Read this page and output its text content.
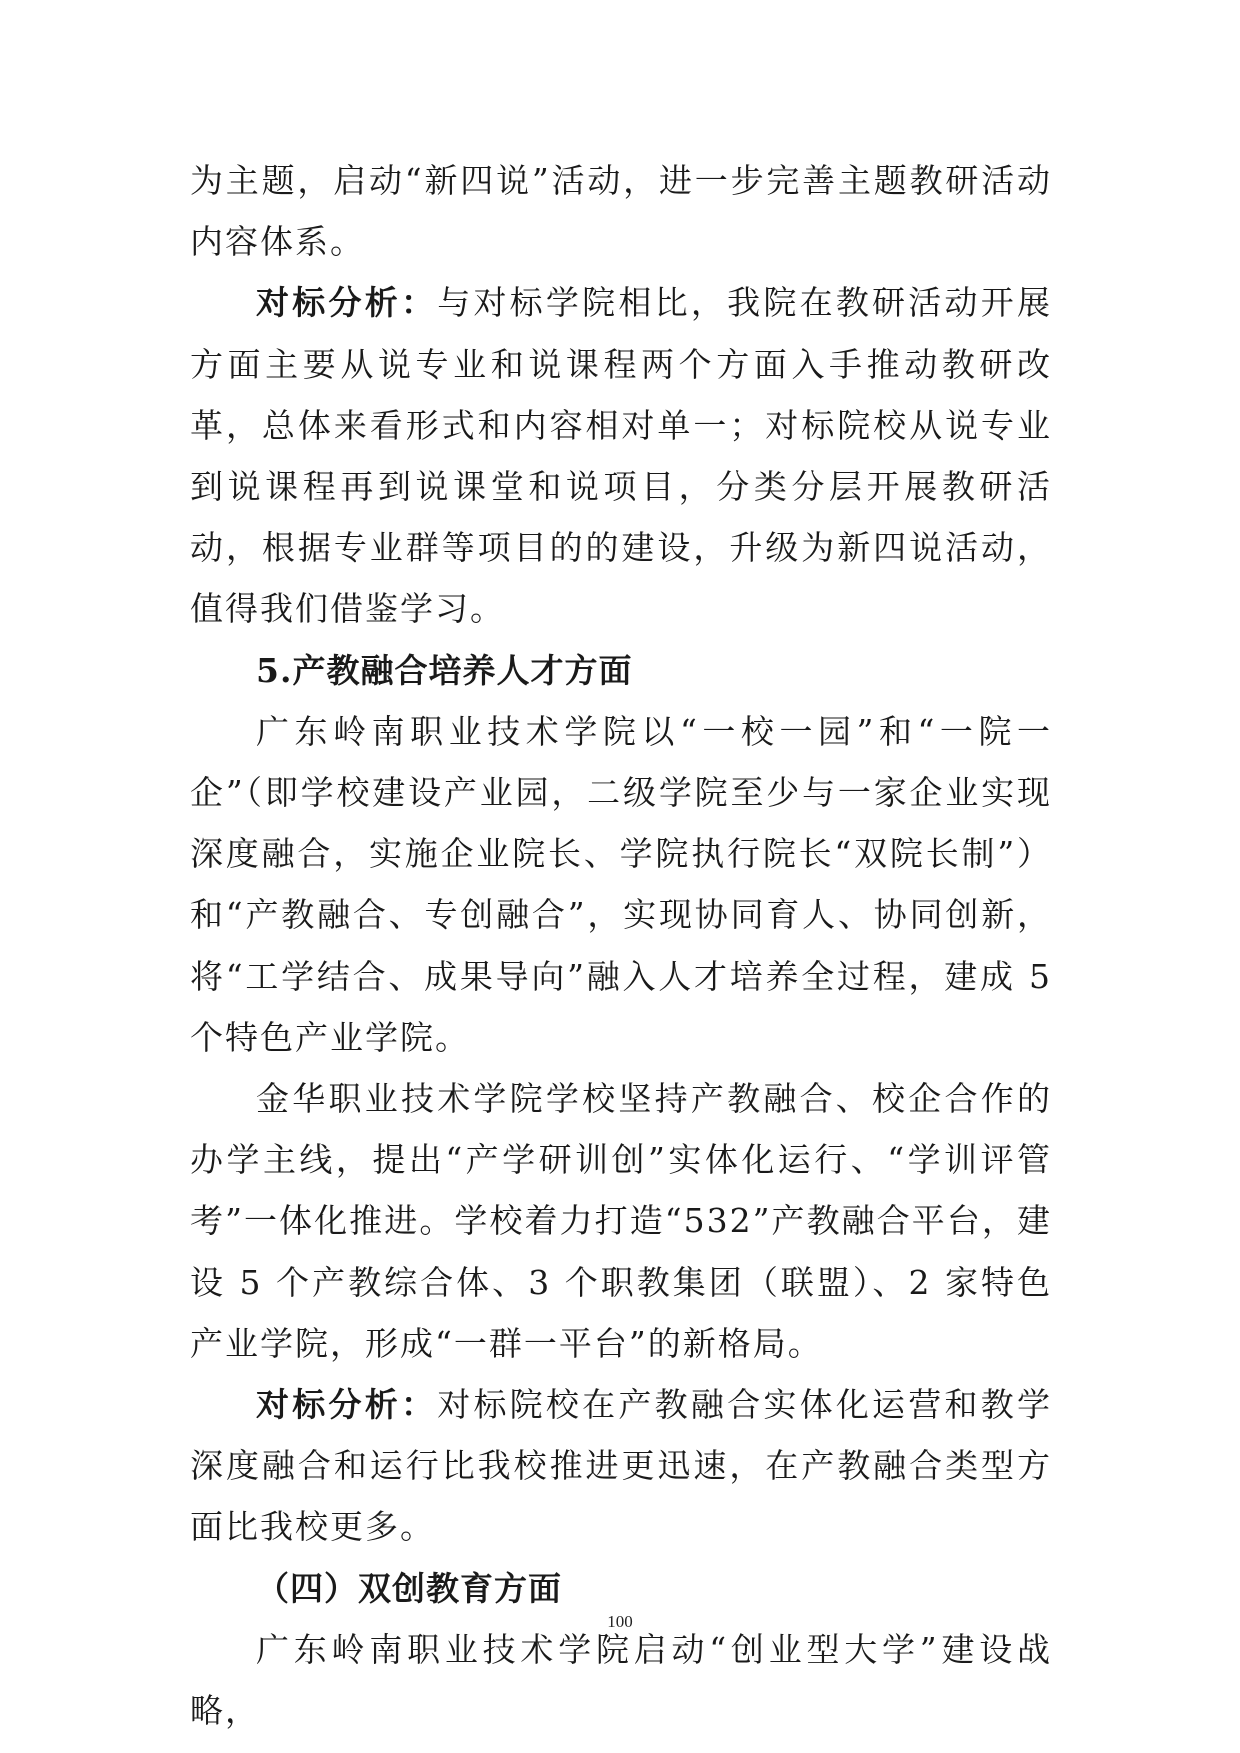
为主题，启动“新四说”活动，进一步完善主题教研活动内容体系。

对标分析：与对标学院相比，我院在教研活动开展方面主要从说专业和说课程两个方面入手推动教研改革，总体来看形式和内容相对单一；对标院校从说专业到说课程再到说课堂和说项目，分类分层开展教研活动，根据专业群等项目的的建设，升级为新四说活动，值得我们借鉴学习。

5.产教融合培养人才方面

广东岭南职业技术学院以“一校一园”和“一院一企”（即学校建设产业园，二级学院至少与一家企业实现深度融合，实施企业院长、学院执行院长“双院长制”）和“产教融合、专创融合”，实现协同育人、协同创新，将“工学结合、成果导向”融入人才培养全过程，建成 5 个特色产业学院。

金华职业技术学院学校坚持产教融合、校企合作的办学主线，提出“产学研训创”实体化运行、“学训评管考”一体化推进。学校着力打造“532”产教融合平台，建设 5 个产教综合体、3 个职教集团（联盟）、2 家特色产业学院，形成“一群一平台”的新格局。

对标分析：对标院校在产教融合实体化运营和教学深度融合和运行比我校推进更迅速，在产教融合类型方面比我校更多。

（四）双创教育方面

广东岭南职业技术学院启动“创业型大学”建设战略，

100
